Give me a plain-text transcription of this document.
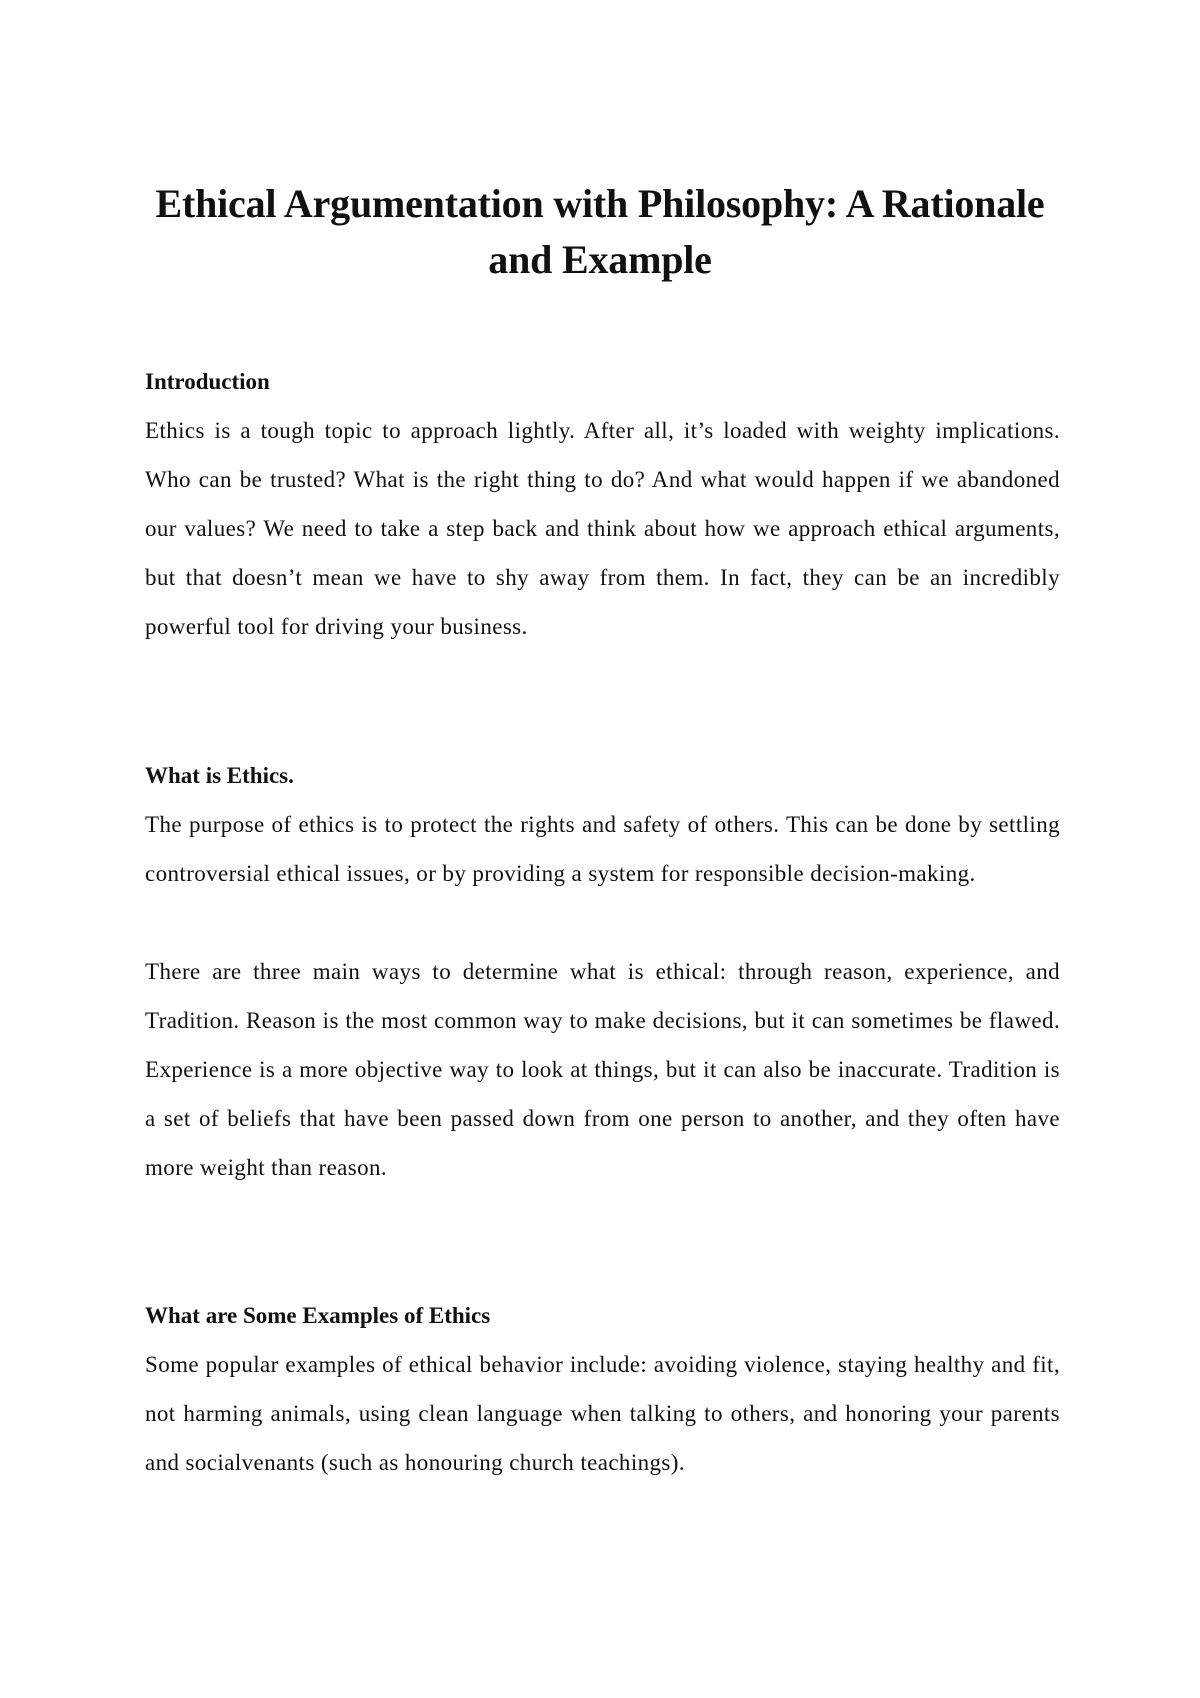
Ethical Argumentation with Philosophy: A Rationale and Example
Introduction

Ethics is a tough topic to approach lightly. After all, it’s loaded with weighty implications. Who can be trusted? What is the right thing to do? And what would happen if we abandoned our values? We need to take a step back and think about how we approach ethical arguments, but that doesn’t mean we have to shy away from them. In fact, they can be an incredibly powerful tool for driving your business.

What is Ethics.

The purpose of ethics is to protect the rights and safety of others. This can be done by settling controversial ethical issues, or by providing a system for responsible decision-making.

There are three main ways to determine what is ethical: through reason, experience, and Tradition. Reason is the most common way to make decisions, but it can sometimes be flawed. Experience is a more objective way to look at things, but it can also be inaccurate. Tradition is a set of beliefs that have been passed down from one person to another, and they often have more weight than reason.

What are Some Examples of Ethics

Some popular examples of ethical behavior include: avoiding violence, staying healthy and fit, not harming animals, using clean language when talking to others, and honoring your parents and socialvenants (such as honouring church teachings).
